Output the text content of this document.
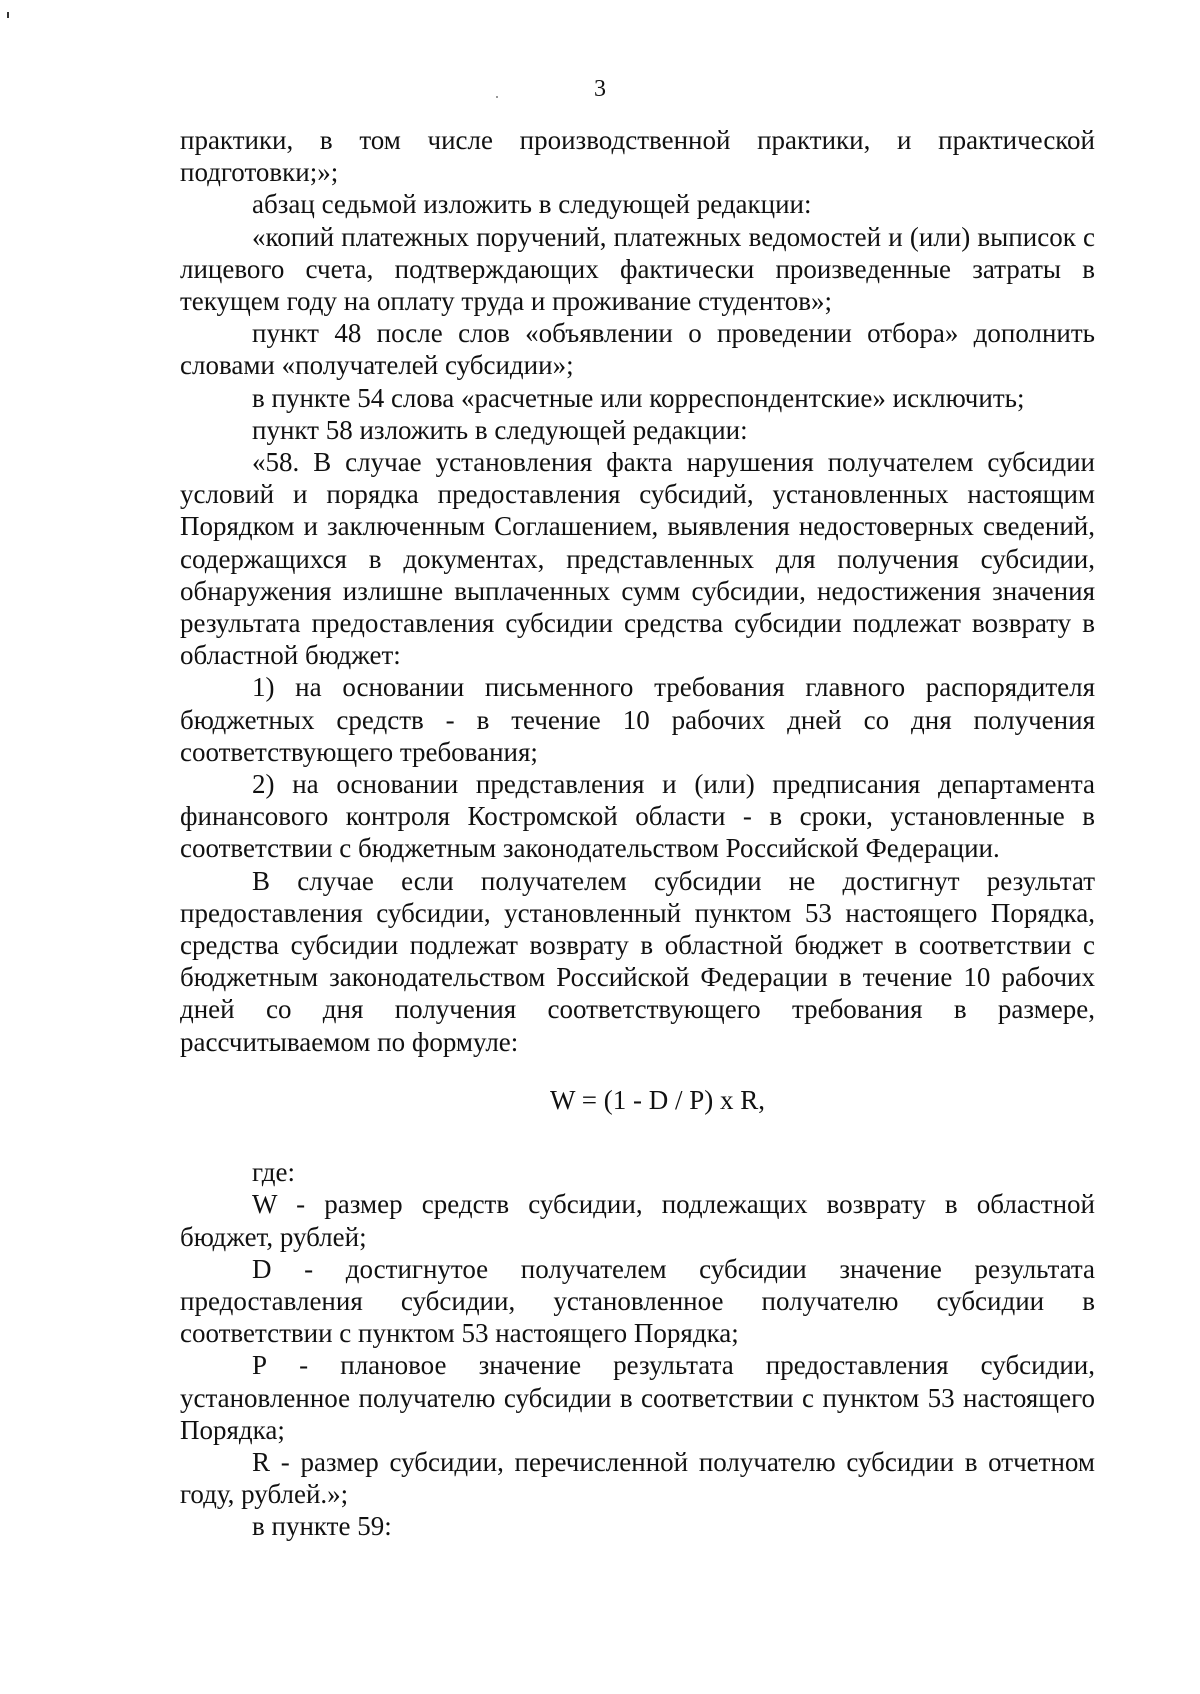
3

практики, в том числе производственной практики, и практической подготовки;»;

абзац седьмой изложить в следующей редакции:

«копий платежных поручений, платежных ведомостей и (или) выписок с лицевого счета, подтверждающих фактически произведенные затраты в текущем году на оплату труда и проживание студентов»;

пункт 48 после слов «объявлении о проведении отбора» дополнить словами «получателей субсидии»;

в пункте 54 слова «расчетные или корреспондентские» исключить;

пункт 58 изложить в следующей редакции:

«58. В случае установления факта нарушения получателем субсидии условий и порядка предоставления субсидий, установленных настоящим Порядком и заключенным Соглашением, выявления недостоверных сведений, содержащихся в документах, представленных для получения субсидии, обнаружения излишне выплаченных сумм субсидии, недостижения значения результата предоставления субсидии средства субсидии подлежат возврату в областной бюджет:

1) на основании письменного требования главного распорядителя бюджетных средств - в течение 10 рабочих дней со дня получения соответствующего требования;

2) на основании представления и (или) предписания департамента финансового контроля Костромской области - в сроки, установленные в соответствии с бюджетным законодательством Российской Федерации.

В случае если получателем субсидии не достигнут результат предоставления субсидии, установленный пунктом 53 настоящего Порядка, средства субсидии подлежат возврату в областной бюджет в соответствии с бюджетным законодательством Российской Федерации в течение 10 рабочих дней со дня получения соответствующего требования в размере, рассчитываемом по формуле:

W = (1 - D / P) x R,

где:

W - размер средств субсидии, подлежащих возврату в областной бюджет, рублей;

D - достигнутое получателем субсидии значение результата предоставления субсидии, установленное получателю субсидии в соответствии с пунктом 53 настоящего Порядка;

Р - плановое значение результата предоставления субсидии, установленное получателю субсидии в соответствии с пунктом 53 настоящего Порядка;

R - размер субсидии, перечисленной получателю субсидии в отчетном году, рублей.»;

в пункте 59:
